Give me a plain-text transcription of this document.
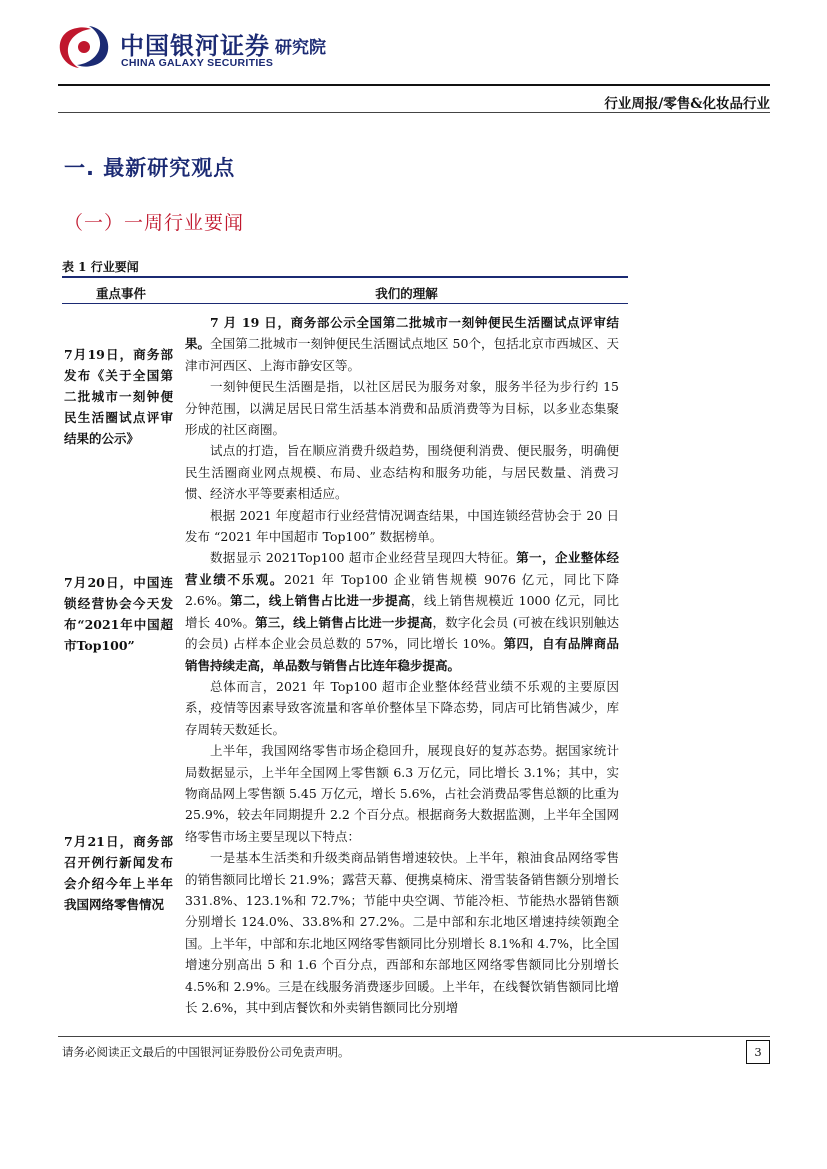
中国银河证券 研究院
CHINA GALAXY SECURITIES
行业周报/零售&化妆品行业
一. 最新研究观点
（一）一周行业要闻
表 1 行业要闻
重点事件	我们的理解
7月19日，商务部发布《关于全国第二批城市一刻钟便民生活圈试点评审结果的公示》
7月20日，中国连锁经营协会今天发布“2021年中国超市Top100”
7月21日，商务部召开例行新闻发布会介绍今年上半年我国网络零售情况

7 月 19 日，商务部公示全国第二批城市一刻钟便民生活圈试点评审结果。全国第二批城市一刻钟便民生活圈试点地区 50个，包括北京市西城区、天津市河西区、上海市静安区等。

一刻钟便民生活圈是指，以社区居民为服务对象，服务半径为步行约 15 分钟范围，以满足居民日常生活基本消费和品质消费等为目标，以多业态集聚形成的社区商圈。

试点的打造，旨在顺应消费升级趋势，围绕便利消费、便民服务，明确便民生活圈商业网点规模、布局、业态结构和服务功能，与居民数量、消费习惯、经济水平等要素相适应。

根据 2021 年度超市行业经营情况调查结果，中国连锁经营协会于 20 日发布 “2021 年中国超市 Top100” 数据榜单。

数据显示 2021Top100 超市企业经营呈现四大特征。第一，企业整体经营业绩不乐观。2021 年 Top100 企业销售规模 9076 亿元，同比下降 2.6%。第二，线上销售占比进一步提高，线上销售规模近 1000 亿元，同比增长 40%。第三，线上销售占比进一步提高，数字化会员 (可被在线识别触达的会员) 占样本企业会员总数的 57%，同比增长 10%。第四，自有品牌商品销售持续走高，单品数与销售占比连年稳步提高。

总体而言，2021 年 Top100 超市企业整体经营业绩不乐观的主要原因系，疫情等因素导致客流量和客单价整体呈下降态势，同店可比销售减少，库存周转天数延长。

上半年，我国网络零售市场企稳回升，展现良好的复苏态势。据国家统计局数据显示，上半年全国网上零售额 6.3 万亿元，同比增长 3.1%；其中，实物商品网上零售额 5.45 万亿元，增长 5.6%，占社会消费品零售总额的比重为 25.9%，较去年同期提升 2.2 个百分点。根据商务大数据监测，上半年全国网络零售市场主要呈现以下特点：

一是基本生活类和升级类商品销售增速较快。上半年，粮油食品网络零售的销售额同比增长 21.9%；露营天幕、便携桌椅床、滑雪装备销售额分别增长 331.8%、123.1%和 72.7%；节能中央空调、节能冷柜、节能热水器销售额分别增长 124.0%、33.8%和 27.2%。二是中部和东北地区增速持续领跑全国。上半年，中部和东北地区网络零售额同比分别增长 8.1%和 4.7%，比全国增速分别高出 5 和 1.6 个百分点，西部和东部地区网络零售额同比分别增长 4.5%和 2.9%。三是在线服务消费逐步回暖。上半年，在线餐饮销售额同比增长 2.6%，其中到店餐饮和外卖销售额同比分别增

请务必阅读正文最后的中国银河证券股份公司免责声明。	3
